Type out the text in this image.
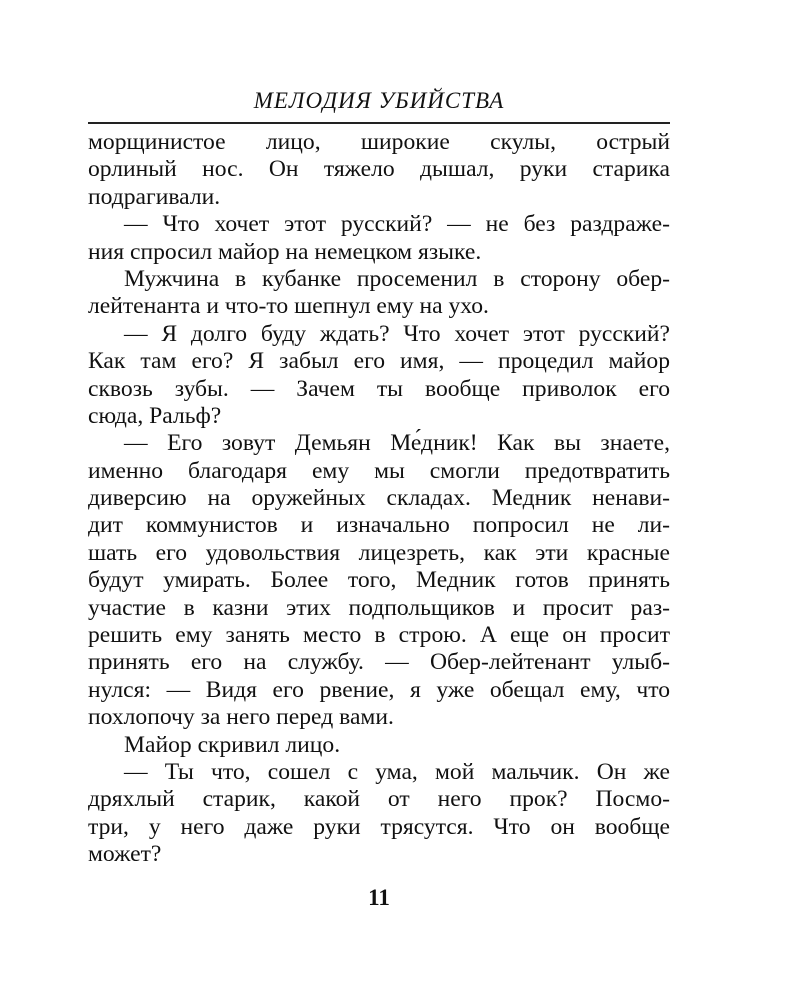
МЕЛОДИЯ УБИЙСТВА
морщинистое лицо, широкие скулы, острый
орлиный нос. Он тяжело дышал, руки старика
подрагивали.
— Что хочет этот русский? — не без раздраже-
ния спросил майор на немецком языке.
Мужчина в кубанке просеменил в сторону обер-
лейтенанта и что-то шепнул ему на ухо.
— Я долго буду ждать? Что хочет этот русский?
Как там его? Я забыл его имя, — процедил майор
сквозь зубы. — Зачем ты вообще приволок его
сюда, Ральф?
— Его зовут Демьян Ме́дник! Как вы знаете,
именно благодаря ему мы смогли предотвратить
диверсию на оружейных складах. Медник ненави-
дит коммунистов и изначально попросил не ли-
шать его удовольствия лицезреть, как эти красные
будут умирать. Более того, Медник готов принять
участие в казни этих подпольщиков и просит раз-
решить ему занять место в строю. А еще он просит
принять его на службу. — Обер-лейтенант улыб-
нулся: — Видя его рвение, я уже обещал ему, что
похлопочу за него перед вами.
Майор скривил лицо.
— Ты что, сошел с ума, мой мальчик. Он же
дряхлый старик, какой от него прок? Посмо-
три, у него даже руки трясутся. Что он вообще
может?
11
